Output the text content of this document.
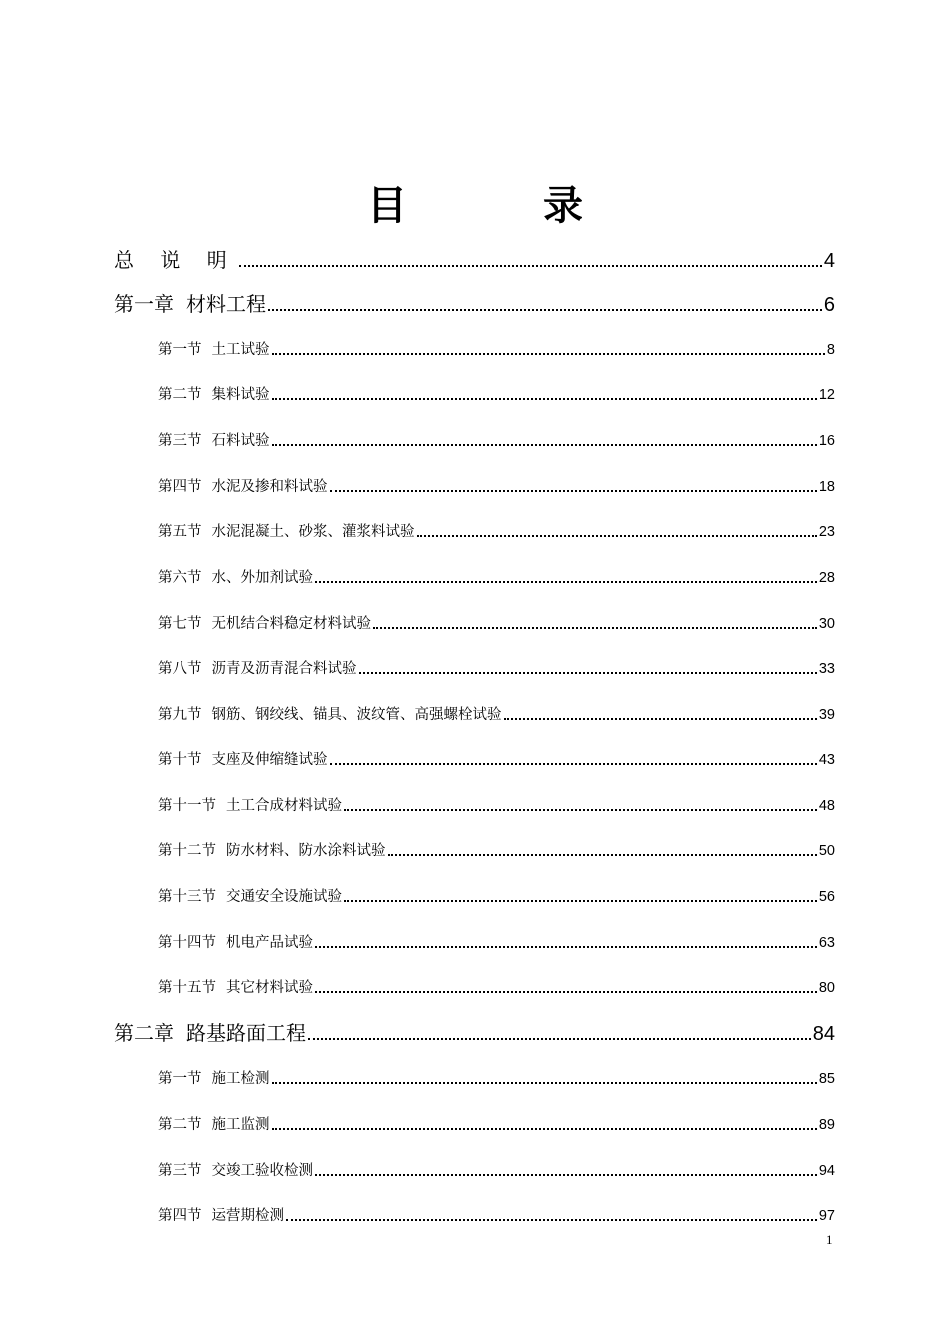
目　录
总 说 明	4
第一章 材料工程	6
第一节 土工试验	8
第二节 集料试验	12
第三节 石料试验	16
第四节 水泥及掺和料试验	18
第五节 水泥混凝土、砂浆、灌浆料试验	23
第六节 水、外加剂试验	28
第七节 无机结合料稳定材料试验	30
第八节 沥青及沥青混合料试验	33
第九节 钢筋、钢绞线、锚具、波纹管、高强螺栓试验	39
第十节 支座及伸缩缝试验	43
第十一节 土工合成材料试验	48
第十二节 防水材料、防水涂料试验	50
第十三节 交通安全设施试验	56
第十四节 机电产品试验	63
第十五节 其它材料试验	80
第二章 路基路面工程	84
第一节 施工检测	85
第二节 施工监测	89
第三节 交竣工验收检测	94
第四节 运营期检测	97
1
